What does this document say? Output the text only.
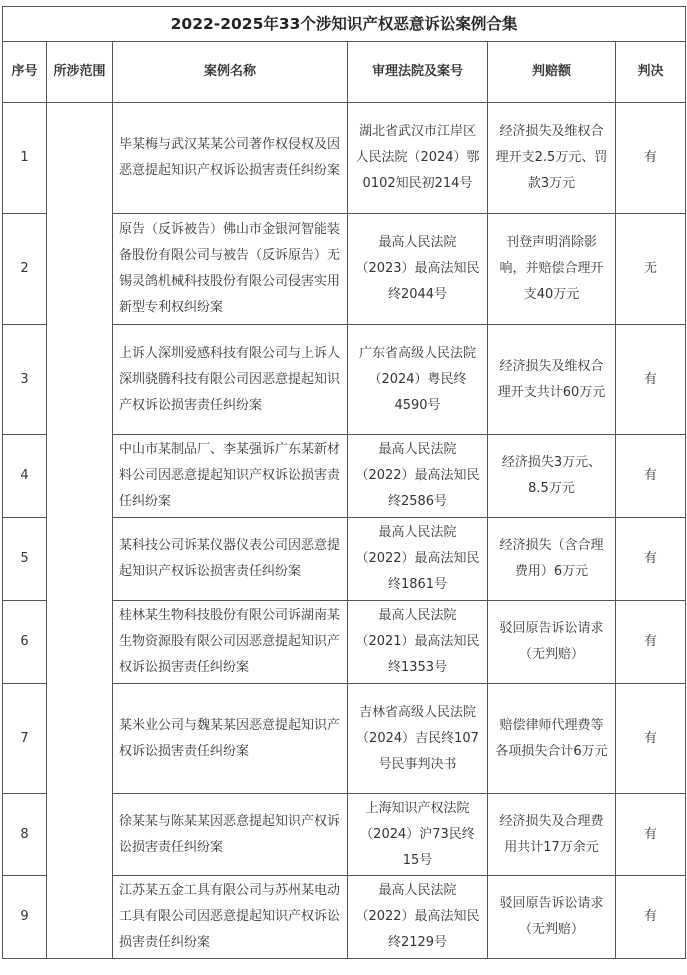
2022-2025年33个涉知识产权恶意诉讼案例合集					
序号	所涉范围	案例名称	审理法院及案号	判赔额	判决
1		毕某梅与武汉某某公司著作权侵权及因恶意提起知识产权诉讼损害责任纠纷案	湖北省武汉市江岸区人民法院（2024）鄂0102知民初214号	经济损失及维权合理开支2.5万元、罚款3万元	有
2		原告（反诉被告）佛山市金银河智能装备股份有限公司与被告（反诉原告）无锡灵鸽机械科技股份有限公司侵害实用新型专利权纠纷案	最高人民法院（2023）最高法知民终2044号	刊登声明消除影响，并赔偿合理开支40万元	无
3		上诉人深圳爱感科技有限公司与上诉人深圳骁腾科技有限公司因恶意提起知识产权诉讼损害责任纠纷案	广东省高级人民法院（2024）粤民终4590号	经济损失及维权合理开支共计60万元	有
4		中山市某制品厂、李某强诉广东某新材料公司因恶意提起知识产权诉讼损害责任纠纷案	最高人民法院（2022）最高法知民终2586号	经济损失3万元、8.5万元	有
5		某科技公司诉某仪器仪表公司因恶意提起知识产权诉讼损害责任纠纷案	最高人民法院（2022）最高法知民终1861号	经济损失（含合理费用）6万元	有
6		桂林某生物科技股份有限公司诉湖南某生物资源股有限公司因恶意提起知识产权诉讼损害责任纠纷案	最高人民法院（2021）最高法知民终1353号	驳回原告诉讼请求（无判赔）	有
7		某米业公司与魏某某因恶意提起知识产权诉讼损害责任纠纷案	吉林省高级人民法院（2024）吉民终107号民事判决书	赔偿律师代理费等各项损失合计6万元	有
8		徐某某与陈某某因恶意提起知识产权诉讼损害责任纠纷案	上海知识产权法院（2024）沪73民终15号	经济损失及合理费用共计17万余元	有
9		江苏某五金工具有限公司与苏州某电动工具有限公司因恶意提起知识产权诉讼损害责任纠纷案	最高人民法院（2022）最高法知民终2129号	驳回原告诉讼请求（无判赔）	有
